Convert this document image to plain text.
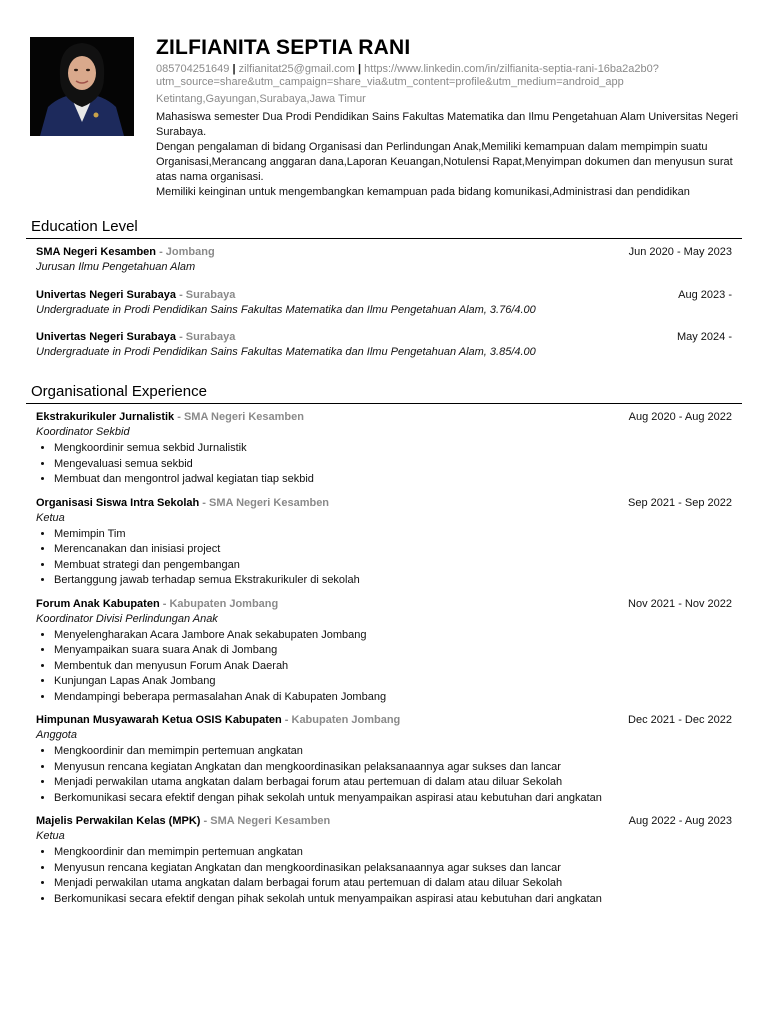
ZILFIANITA SEPTIA RANI
085704251649 | zilfianitat25@gmail.com | https://www.linkedin.com/in/zilfianita-septia-rani-16ba2a2b0?utm_source=share&utm_campaign=share_via&utm_content=profile&utm_medium=android_app
Ketintang,Gayungan,Surabaya,Jawa Timur

Mahasiswa semester Dua Prodi Pendidikan Sains Fakultas Matematika dan Ilmu Pengetahuan Alam Universitas Negeri Surabaya.

Dengan pengalaman di bidang Organisasi dan Perlindungan Anak,Memiliki kemampuan dalam mempimpin suatu Organisasi,Merancang anggaran dana,Laporan Keuangan,Notulensi Rapat,Menyimpan dokumen dan menyusun surat atas nama organisasi.

Memiliki keinginan untuk mengembangkan kemampuan pada bidang komunikasi,Administrasi dan pendidikan

Education Level
SMA Negeri Kesamben - Jombang	Jun 2020 - May 2023
Jurusan Ilmu Pengetahuan Alam
Univertas Negeri Surabaya - Surabaya	Aug 2023 -
Undergraduate in Prodi Pendidikan Sains Fakultas Matematika dan Ilmu Pengetahuan Alam, 3.76/4.00
Univertas Negeri Surabaya - Surabaya	May 2024 -
Undergraduate in Prodi Pendidikan Sains Fakultas Matematika dan Ilmu Pengetahuan Alam, 3.85/4.00
Organisational Experience
Ekstrakurikuler Jurnalistik - SMA Negeri Kesamben	Aug 2020 - Aug 2022
Koordinator Sekbid
• Mengkoordinir semua sekbid Jurnalistik
• Mengevaluasi semua sekbid
• Membuat dan mengontrol jadwal kegiatan tiap sekbid
Organisasi Siswa Intra Sekolah - SMA Negeri Kesamben	Sep 2021 - Sep 2022
Ketua
• Memimpin Tim
• Merencanakan dan inisiasi project
• Membuat strategi dan pengembangan
• Bertanggung jawab terhadap semua Ekstrakurikuler di sekolah
Forum Anak Kabupaten - Kabupaten Jombang	Nov 2021 - Nov 2022
Koordinator Divisi Perlindungan Anak
• Menyelengharakan Acara Jambore Anak sekabupaten Jombang
• Menyampaikan suara suara Anak di Jombang
• Membentuk dan menyusun Forum Anak Daerah
• Kunjungan Lapas Anak Jombang
• Mendampingi beberapa permasalahan Anak di Kabupaten Jombang
Himpunan Musyawarah Ketua OSIS Kabupaten - Kabupaten Jombang	Dec 2021 - Dec 2022
Anggota
• Mengkoordinir dan memimpin pertemuan angkatan
• Menyusun rencana kegiatan Angkatan dan mengkoordinasikan pelaksanaannya agar sukses dan lancar
• Menjadi perwakilan utama angkatan dalam berbagai forum atau pertemuan di dalam atau diluar Sekolah
• Berkomunikasi secara efektif dengan pihak sekolah untuk menyampaikan aspirasi atau kebutuhan dari angkatan
Majelis Perwakilan Kelas (MPK) - SMA Negeri Kesamben	Aug 2022 - Aug 2023
Ketua
• Mengkoordinir dan memimpin pertemuan angkatan
• Menyusun rencana kegiatan Angkatan dan mengkoordinasikan pelaksanaannya agar sukses dan lancar
• Menjadi perwakilan utama angkatan dalam berbagai forum atau pertemuan di dalam atau diluar Sekolah
• Berkomunikasi secara efektif dengan pihak sekolah untuk menyampaikan aspirasi atau kebutuhan dari angkatan
